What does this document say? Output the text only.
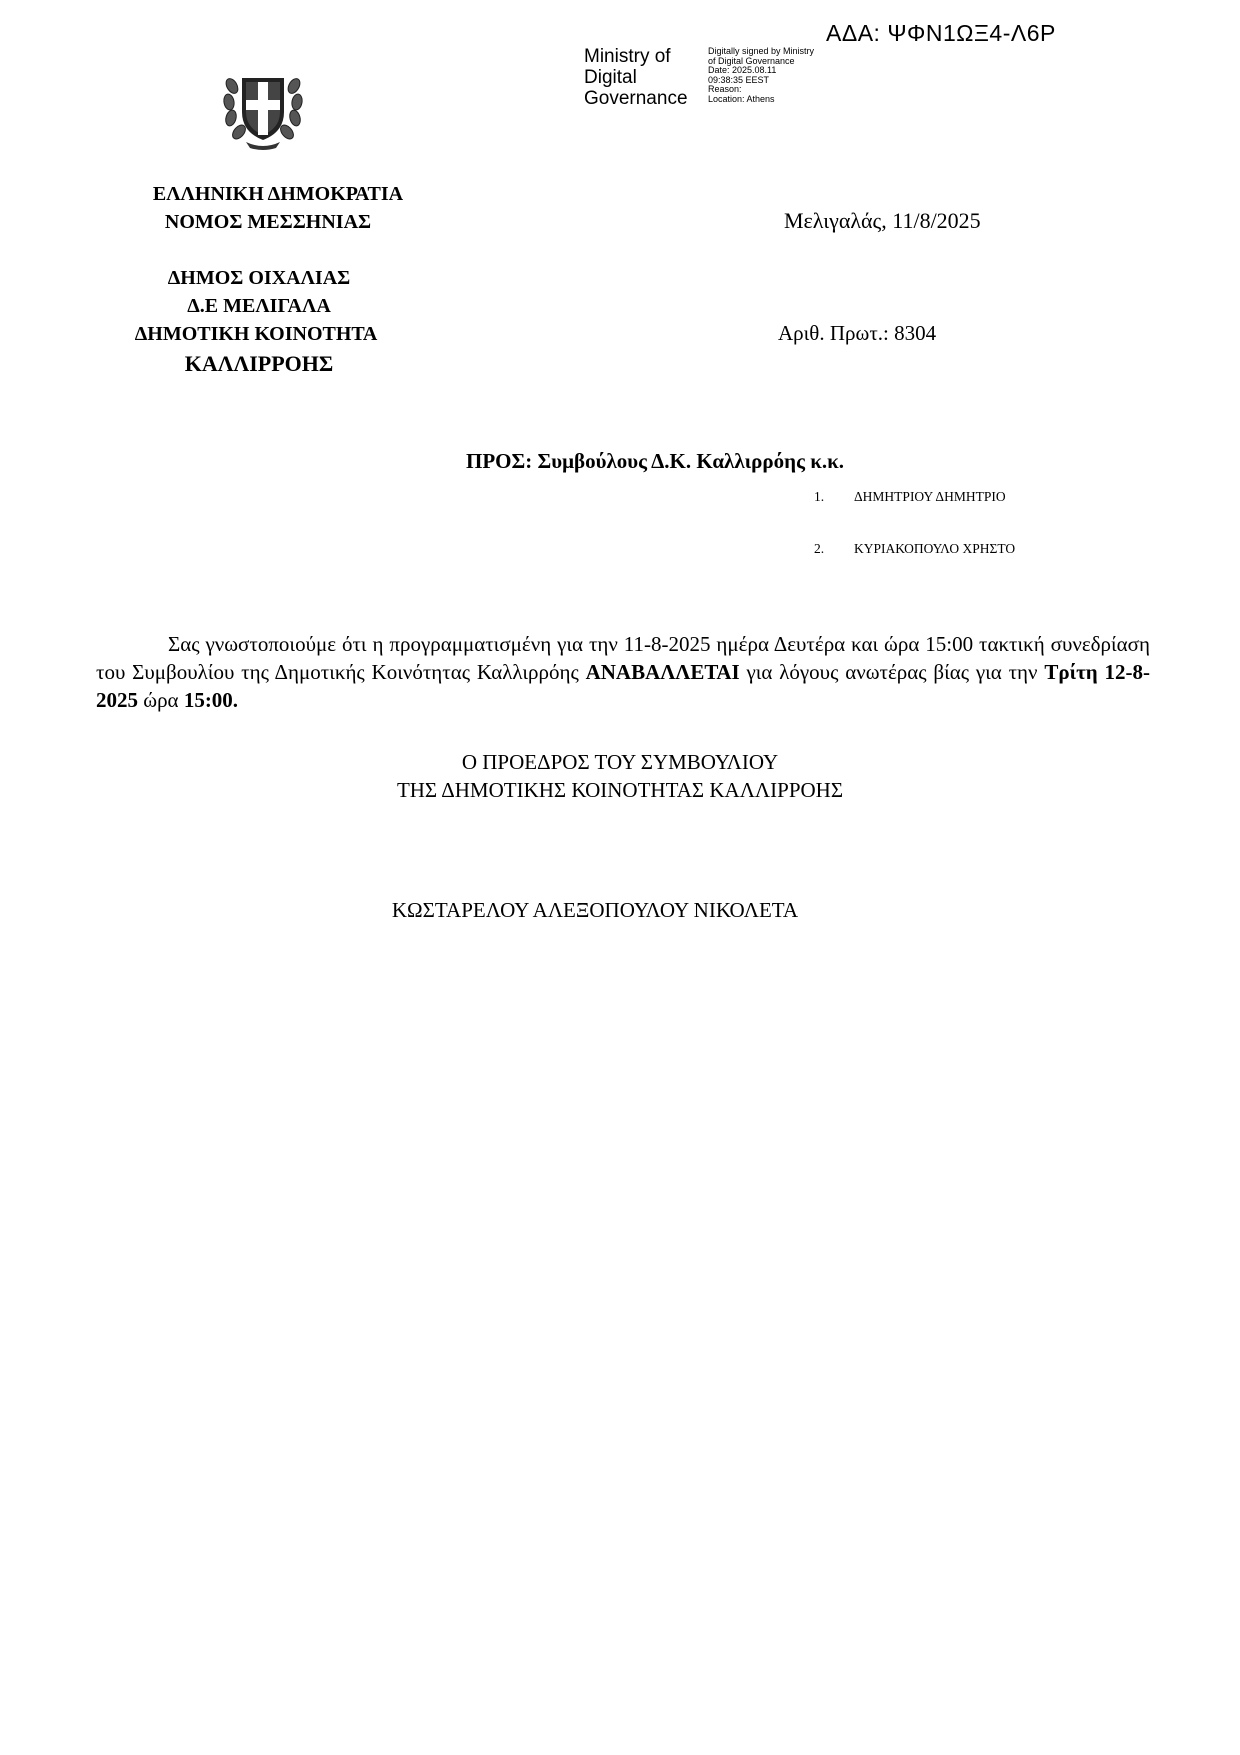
ΑΔΑ: ΨΦΝ1ΩΞ4-Λ6Ρ
Ministry of
Digital
Governance
Digitally signed by Ministry
of Digital Governance
Date: 2025.08.11
09:38:35 EEST
Reason:
Location: Athens
ΕΛΛΗΝΙΚΗ ΔΗΜΟΚΡΑΤΙΑ
ΝΟΜΟΣ ΜΕΣΣΗΝΙΑΣ
ΔΗΜΟΣ ΟΙΧΑΛΙΑΣ
Δ.Ε ΜΕΛΙΓΑΛΑ
ΔΗΜΟΤΙΚΗ ΚΟΙΝΟΤΗΤΑ
ΚΑΛΛΙΡΡΟΗΣ
Μελιγαλάς, 11/8/2025
Αριθ. Πρωτ.: 8304
ΠΡΟΣ: Συμβούλους Δ.Κ. Καλλιρρόης κ.κ.
1. ΔΗΜΗΤΡΙΟΥ ΔΗΜΗΤΡΙΟ
2. ΚΥΡΙΑΚΟΠΟΥΛΟ ΧΡΗΣΤΟ
Σας γνωστοποιούμε ότι η προγραμματισμένη για την 11-8-2025 ημέρα Δευτέρα και ώρα 15:00 τακτική συνεδρίαση του Συμβουλίου της Δημοτικής Κοινότητας Καλλιρρόης ΑΝΑΒΑΛΛΕΤΑΙ για λόγους ανωτέρας βίας για την Τρίτη 12-8-2025 ώρα 15:00.
Ο ΠΡΟΕΔΡΟΣ ΤΟΥ ΣΥΜΒΟΥΛΙΟΥ
ΤΗΣ ΔΗΜΟΤΙΚΗΣ ΚΟΙΝΟΤΗΤΑΣ ΚΑΛΛΙΡΡΟΗΣ
ΚΩΣΤΑΡΕΛΟΥ ΑΛΕΞΟΠΟΥΛΟΥ ΝΙΚΟΛΕΤΑ
